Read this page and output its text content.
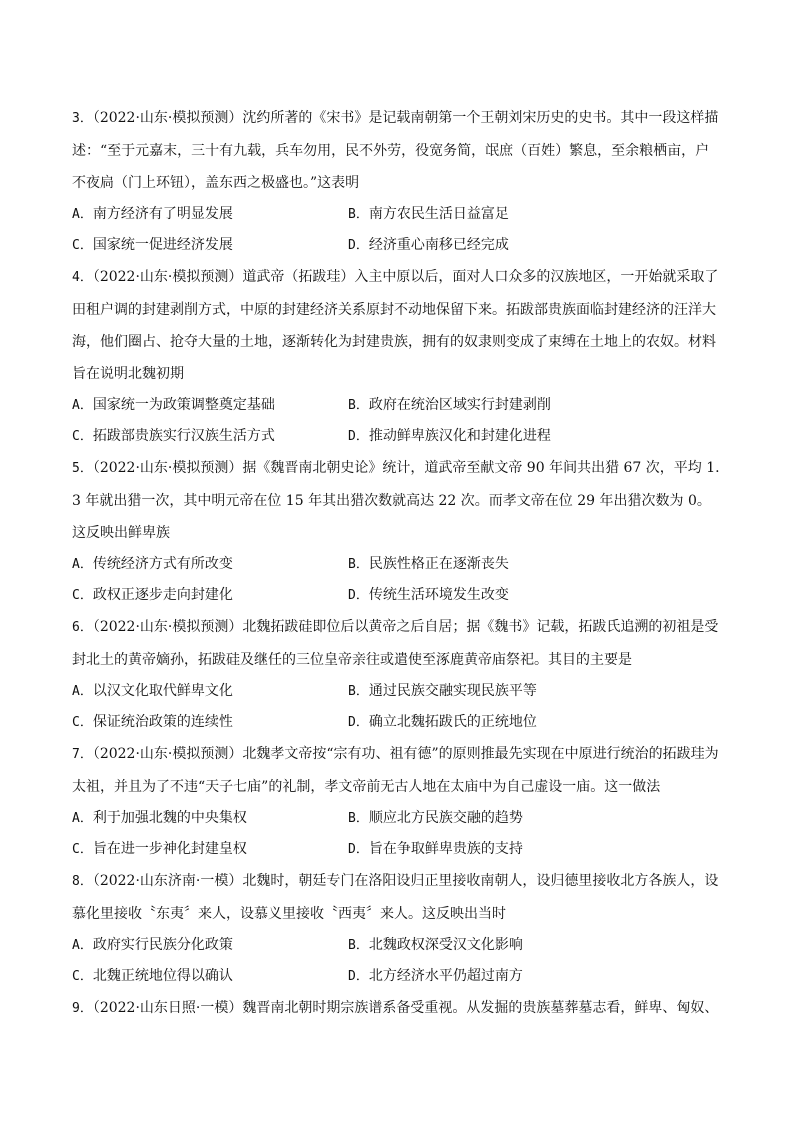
3．（2022·山东·模拟预测）沈约所著的《宋书》是记载南朝第一个王朝刘宋历史的史书。其中一段这样描述：“至于元嘉末，三十有九载，兵车勿用，民不外劳，役宽务简，氓庶（百姓）繁息，至余粮栖亩，户不夜扃（门上环钮），盖东西之极盛也。”这表明

A．南方经济有了明显发展	B．南方农民生活日益富足
C．国家统一促进经济发展	D．经济重心南移已经完成

4．（2022·山东·模拟预测）道武帝（拓跋珪）入主中原以后，面对人口众多的汉族地区，一开始就采取了田租户调的封建剥削方式，中原的封建经济关系原封不动地保留下来。拓跋部贵族面临封建经济的汪洋大海，他们圈占、抢夺大量的土地，逐渐转化为封建贵族，拥有的奴隶则变成了束缚在土地上的农奴。材料旨在说明北魏初期

A．国家统一为政策调整奠定基础	B．政府在统治区域实行封建剥削
C．拓跋部贵族实行汉族生活方式	D．推动鲜卑族汉化和封建化进程

5．（2022·山东·模拟预测）据《魏晋南北朝史论》统计，道武帝至献文帝 90 年间共出猎 67 次，平均 1.3 年就出猎一次，其中明元帝在位 15 年其出猎次数就高达 22 次。而孝文帝在位 29 年出猎次数为 0。这反映出鲜卑族

A．传统经济方式有所改变	B．民族性格正在逐渐丧失
C．政权正逐步走向封建化	D．传统生活环境发生改变

6．（2022·山东·模拟预测）北魏拓跋硅即位后以黄帝之后自居；据《魏书》记载，拓跋氏追溯的初祖是受封北土的黄帝嫡孙，拓跋硅及继任的三位皇帝亲往或遣使至涿鹿黄帝庙祭祀。其目的主要是

A．以汉文化取代鲜卑文化	B．通过民族交融实现民族平等
C．保证统治政策的连续性	D．确立北魏拓跋氏的正统地位

7．（2022·山东·模拟预测）北魏孝文帝按“宗有功、祖有德”的原则推最先实现在中原进行统治的拓跋珪为太祖，并且为了不违“天子七庙”的礼制，孝文帝前无古人地在太庙中为自己虚设一庙。这一做法

A．利于加强北魏的中央集权	B．顺应北方民族交融的趋势
C．旨在进一步神化封建皇权	D．旨在争取鲜卑贵族的支持

8．（2022·山东济南·一模）北魏时，朝廷专门在洛阳设归正里接收南朝人，设归德里接收北方各族人，设慕化里接收〝东夷〞来人，设慕义里接收〝西夷〞来人。这反映出当时

A．政府实行民族分化政策	B．北魏政权深受汉文化影响
C．北魏正统地位得以确认	D．北方经济水平仍超过南方

9．（2022·山东日照·一模）魏晋南北朝时期宗族谱系备受重视。从发掘的贵族墓葬墓志看，鲜卑、匈奴、
